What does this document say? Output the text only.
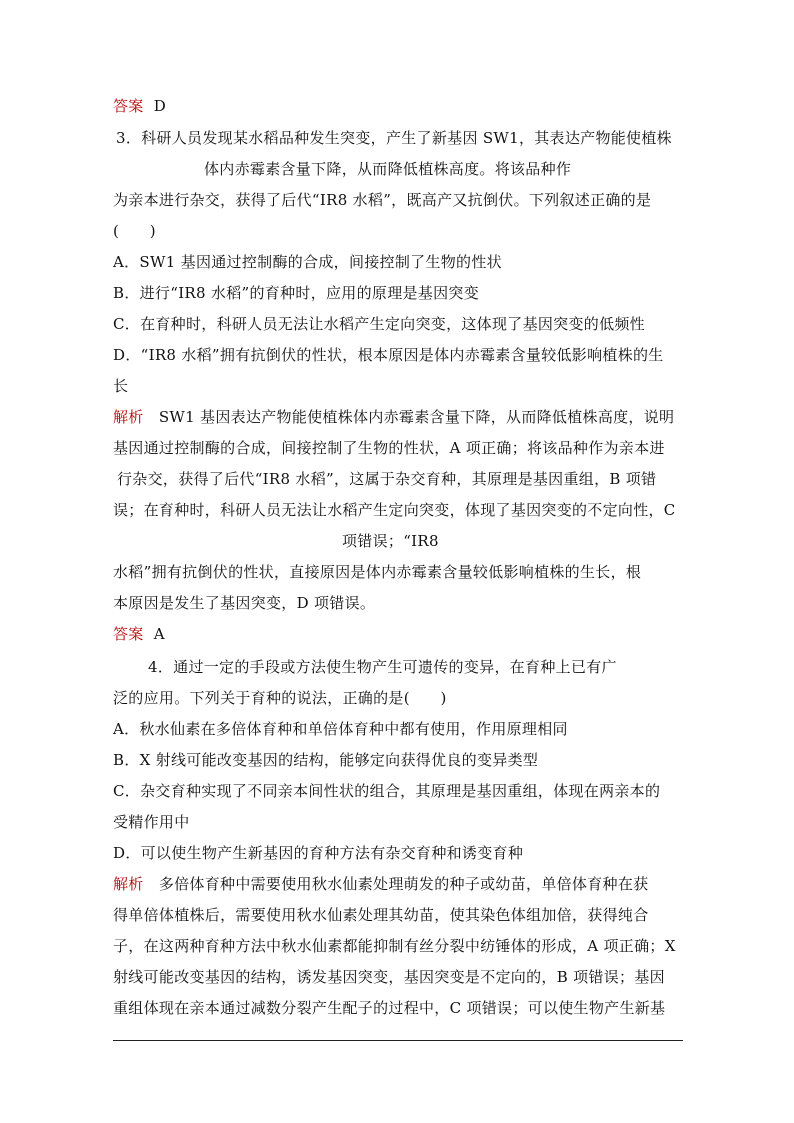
答案 D
3．科研人员发现某水稻品种发生突变，产生了新基因 SW1，其表达产物能使植株
体内赤霉素含量下降，从而降低植株高度。将该品种作
为亲本进行杂交，获得了后代“IR8 水稻”，既高产又抗倒伏。下列叙述正确的是
(　　)
A．SW1 基因通过控制酶的合成，间接控制了生物的性状
B．进行“IR8 水稻”的育种时，应用的原理是基因突变
C．在育种时，科研人员无法让水稻产生定向突变，这体现了基因突变的低频性
D．“IR8 水稻”拥有抗倒伏的性状，根本原因是体内赤霉素含量较低影响植株的生
长
解析 SW1 基因表达产物能使植株体内赤霉素含量下降，从而降低植株高度，说明
基因通过控制酶的合成，间接控制了生物的性状，A 项正确；将该品种作为亲本进
行杂交，获得了后代“IR8 水稻”，这属于杂交育种，其原理是基因重组，B 项错
误；在育种时，科研人员无法让水稻产生定向突变，体现了基因突变的不定向性，C
项错误；“IR8
水稻”拥有抗倒伏的性状，直接原因是体内赤霉素含量较低影响植株的生长，根
本原因是发生了基因突变，D 项错误。
答案 A
4．通过一定的手段或方法使生物产生可遗传的变异，在育种上已有广
泛的应用。下列关于育种的说法，正确的是(　　)
A．秋水仙素在多倍体育种和单倍体育种中都有使用，作用原理相同
B．X 射线可能改变基因的结构，能够定向获得优良的变异类型
C．杂交育种实现了不同亲本间性状的组合，其原理是基因重组，体现在两亲本的
受精作用中
D．可以使生物产生新基因的育种方法有杂交育种和诱变育种
解析 多倍体育种中需要使用秋水仙素处理萌发的种子或幼苗，单倍体育种在获
得单倍体植株后，需要使用秋水仙素处理其幼苗，使其染色体组加倍，获得纯合
子，在这两种育种方法中秋水仙素都能抑制有丝分裂中纺锤体的形成，A 项正确；X
射线可能改变基因的结构，诱发基因突变，基因突变是不定向的，B 项错误；基因
重组体现在亲本通过减数分裂产生配子的过程中，C 项错误；可以使生物产生新基
